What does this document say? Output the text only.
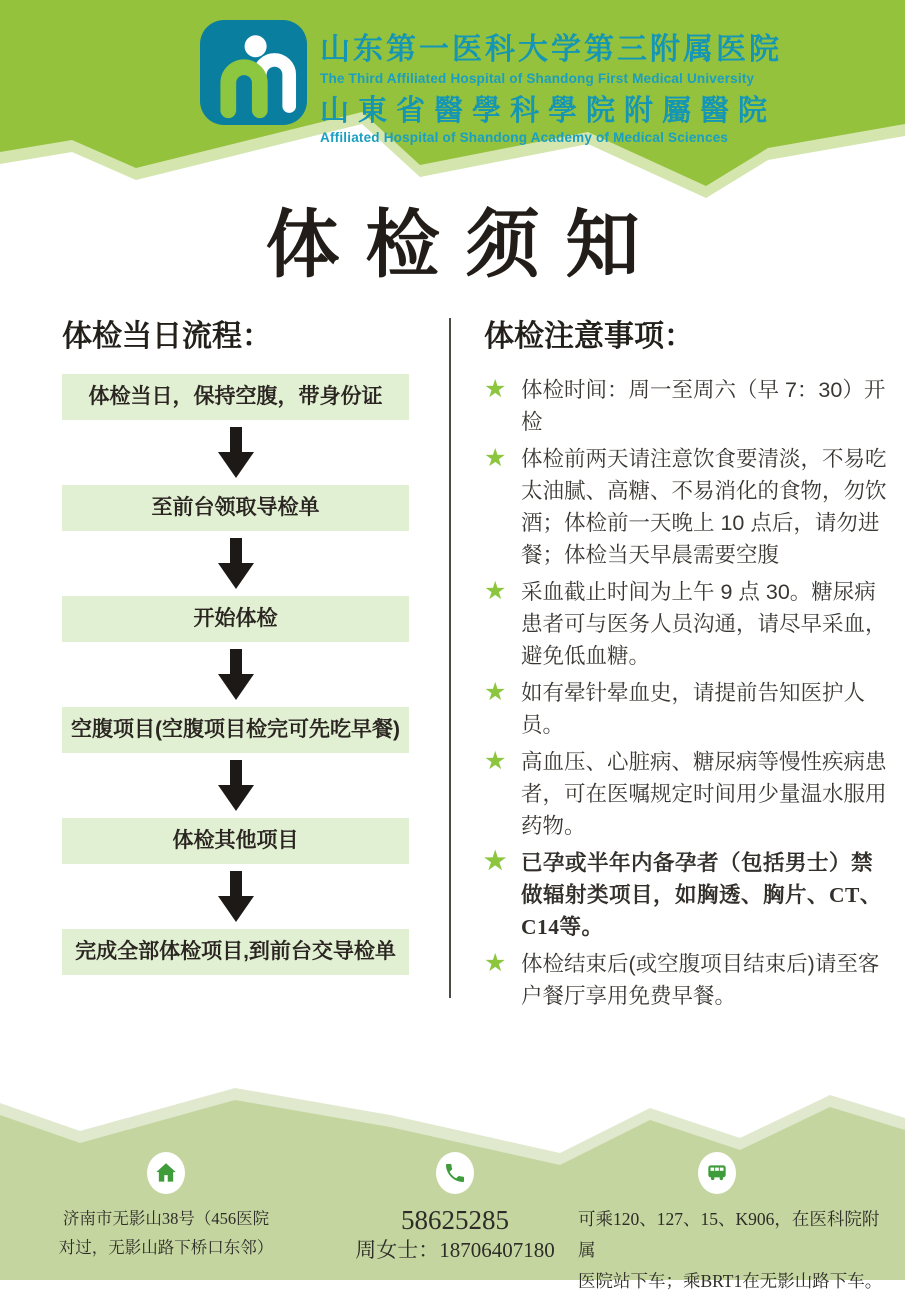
山东第一医科大学第三附属医院
The Third Affiliated Hospital of Shandong First Medical University
山東省醫學科學院附屬醫院
Affiliated Hospital of Shandong Academy of Medical Sciences
体检须知
体检当日流程：
体检当日，保持空腹，带身份证
至前台领取导检单
开始体检
空腹项目(空腹项目检完可先吃早餐)
体检其他项目
完成全部体检项目,到前台交导检单
体检注意事项：

★ 体检时间：周一至周六（早 7：30）开检

★ 体检前两天请注意饮食要清淡，不易吃太油腻、高糖、不易消化的食物，勿饮酒；体检前一天晚上 10 点后，请勿进餐；体检当天早晨需要空腹

★ 采血截止时间为上午 9 点 30。糖尿病患者可与医务人员沟通，请尽早采血，避免低血糖。

★ 如有晕针晕血史，请提前告知医护人员。

★ 高血压、心脏病、糖尿病等慢性疾病患者，可在医嘱规定时间用少量温水服用药物。

★ 已孕或半年内备孕者（包括男士）禁做辐射类项目，如胸透、胸片、CT、C14等。

★ 体检结束后(或空腹项目结束后)请至客户餐厅享用免费早餐。

济南市无影山38号（456医院
对过，无影山路下桥口东邻）
58625285
周女士：18706407180
可乘120、127、15、K906，在医科院附属
医院站下车；乘BRT1在无影山路下车。
